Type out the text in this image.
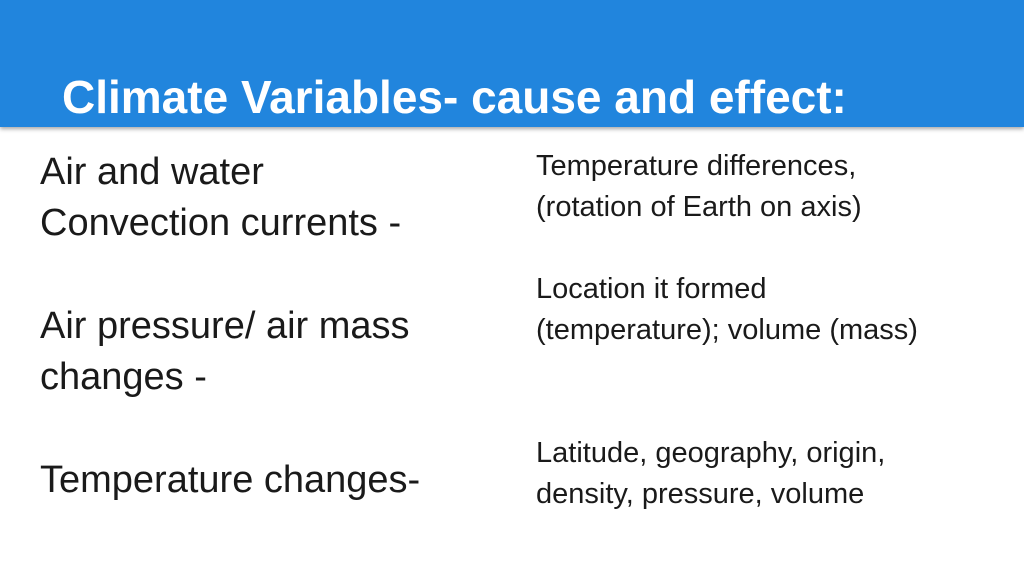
Climate Variables- cause and effect:
Air and water
Convection currents -
Air pressure/ air mass
changes -
Temperature changes-
Temperature differences,
(rotation of Earth on axis)
Location it formed
(temperature); volume (mass)
Latitude, geography, origin,
density, pressure, volume
